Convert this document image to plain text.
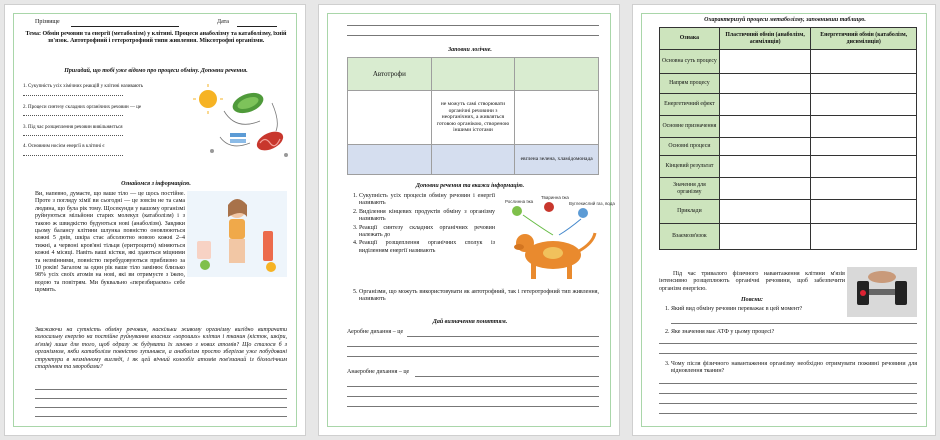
Прізвище	Дата
Тема: Обмін речовин та енергії (метаболізм) у клітині. Процеси анаболізму та катаболізму, їхній зв'язок. Автотрофний і гетеротрофний типи живлення. Міксотрофні організми.
Пригадай, що тобі уже відомо про процеси обміну. Доповни речення.
1. Сукупність усіх хімічних реакцій у клітині називають
2. Процеси синтезу складних органічних речовин — це
3. Під час розщеплення речовин вивільняється
4. Основним носієм енергії в клітині є
Ознайомся з інформацією.
Ви, напевно, думаєте, що ваше тіло — це щось постійне. Проте з погляду хімії ви сьогодні — це зовсім не та сама людина, що була рік тому. Щосекунди у вашому організмі руйнуються мільйони старих молекул (катаболізм) і з такою ж швидкістю будуються нові (анаболізм). Завдяки цьому балансу клітини шлунка повністю оновлюються кожні 5 днів, шкіра стає абсолютно новою кожні 2–4 тижні, а червоні кров'яні тільця (еритроцити) міняються кожні 4 місяці. Навіть ваші кістки, які здаються міцними та незмінними, повністю перебудовуються приблизно за 10 років! Загалом за один рік ваше тіло замінює близько 98% усіх своїх атомів на нові, які ви отримуєте з їжею, водою та повітрям. Ми буквально «перезбираємо» себе щомить.
Зважаючи на сутність обміну речовин, наскільки живому організму вигідно витрачати колосальну енергію на постійне руйнування власних «хороших» клітин і тканин (кісток, шкіри, м'язів) лише для того, щоб одразу ж будувати їх заново з нових атомів? Що сталося б з організмом, якби катаболізм повністю зупинився, а анаболізм просто зберігав уже побудовані структури в незмінному вигляді, і як цей вічний колообіг атомів пов'язаний із біологічним старінням та хворобами?
Заповни логічне.
Автотрофи		
	не можуть самі створювати органічні речовини з неорганічних, а живляться готовою органікою, створеною іншими істотами	
		евглена зелена, хламідомонада
Доповни речення та вкажи інформацію.
1. Сукупність усіх процесів обміну речовин і енергії називають
2. Виділення кінцевих продуктів обміну з організму називають
3. Реакції синтезу складних органічних речовин належать до
4. Реакції розщеплення органічних сполук із виділенням енергії називають
Рослинна їжа
Тваринна їжа
Вуглекислий газ, вода
5. Організми, що можуть використовувати як автотрофний, так і гетеротрофний тип живлення, називають
Дай визначення поняттям.
Аеробне дихання – це
Анаеробне дихання – це
Охарактеризуй процеси метаболізму, заповнивши таблицю.
Ознака	Пластичний обмін (анаболізм, асиміляція)	Енергетичний обмін (катаболізм, дисиміляція)
Основна суть процесу		
Напрям процесу		
Енергетичний ефект		
Основне призначення		
Основні процеси		
Кінцевий результат		
Значення для організму		
Приклади		
Взаємозв'язок		
Під час тривалого фізичного навантаження клітини м'язів інтенсивно розщеплюють органічні речовини, щоб забезпечити організм енергією.
Поясни:
1. Який вид обміну речовин переважає в цей момент?
2. Яке значення має АТФ у цьому процесі?
3. Чому після фізичного навантаження організму необхідно отримувати поживні речовини для відновлення тканин?
